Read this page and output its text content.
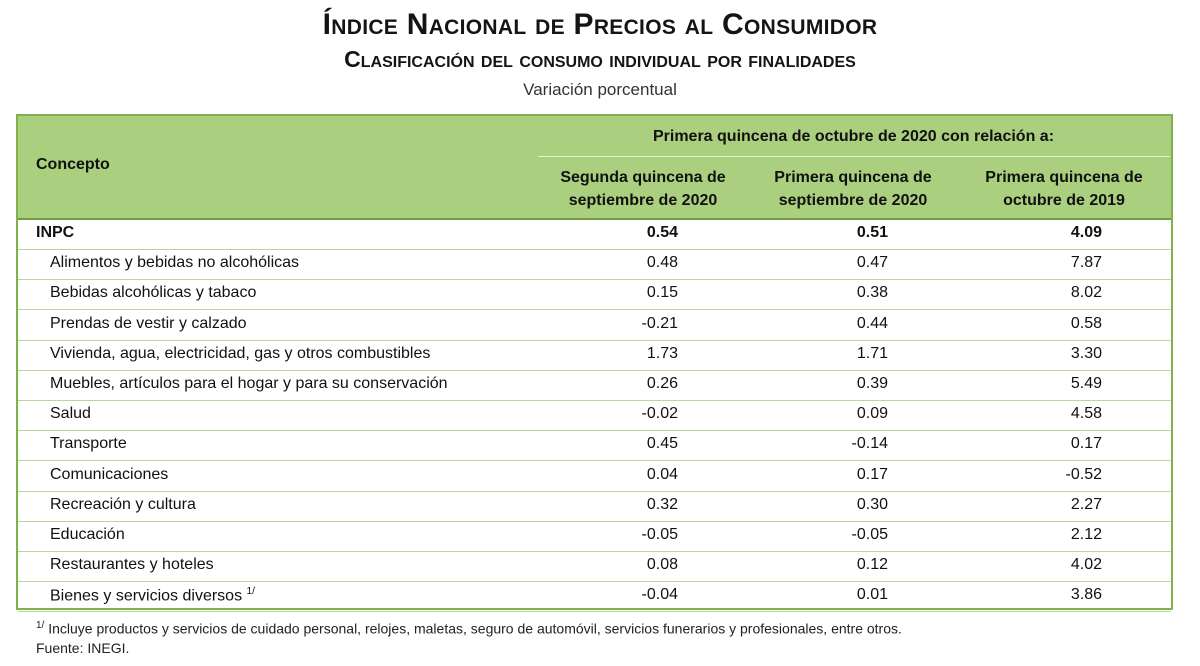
Índice Nacional de Precios al Consumidor
Clasificación del consumo individual por finalidades
Variación porcentual
Concepto
Primera quincena de octubre de 2020 con relación a:
Segunda quincena de
septiembre de 2020
Primera quincena de
septiembre de 2020
Primera quincena de
octubre de 2019
INPC	0.54	0.51	4.09
Alimentos y bebidas no alcohólicas	0.48	0.47	7.87
Bebidas alcohólicas y tabaco	0.15	0.38	8.02
Prendas de vestir y calzado	-0.21	0.44	0.58
Vivienda, agua, electricidad, gas y otros combustibles	1.73	1.71	3.30
Muebles, artículos para el hogar y para su conservación	0.26	0.39	5.49
Salud	-0.02	0.09	4.58
Transporte	0.45	-0.14	0.17
Comunicaciones	0.04	0.17	-0.52
Recreación y cultura	0.32	0.30	2.27
Educación	-0.05	-0.05	2.12
Restaurantes y hoteles	0.08	0.12	4.02
Bienes y servicios diversos $^{1/}$	-0.04	0.01	3.86
$^{1/}$ Incluye productos y servicios de cuidado personal, relojes, maletas, seguro de automóvil, servicios funerarios y profesionales, entre otros.
Fuente: INEGI.
